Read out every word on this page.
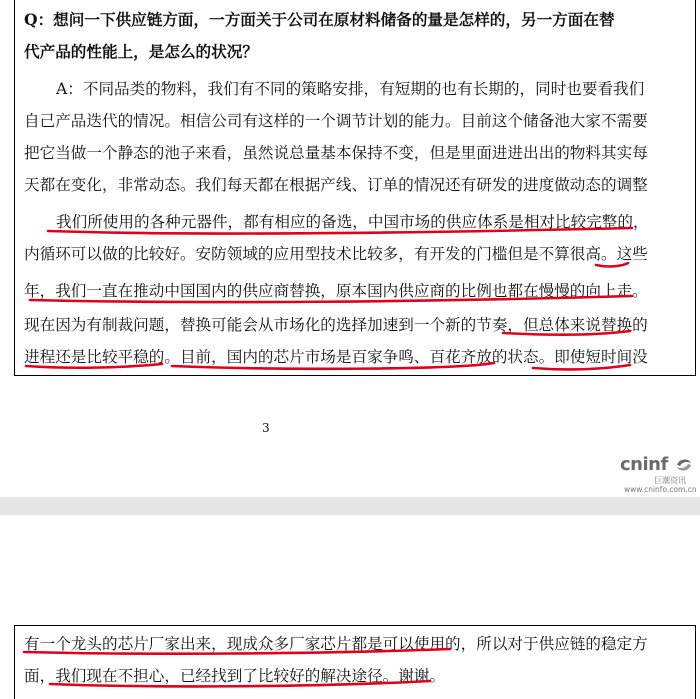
Q：想问一下供应链方面，一方面关于公司在原材料储备的量是怎样的，另一方面在替
代产品的性能上，是怎么的状况？
A：不同品类的物料，我们有不同的策略安排，有短期的也有长期的，同时也要看我们
自己产品迭代的情况。相信公司有这样的一个调节计划的能力。目前这个储备池大家不需要
把它当做一个静态的池子来看，虽然说总量基本保持不变，但是里面进进出出的物料其实每
天都在变化，非常动态。我们每天都在根据产线、订单的情况还有研发的进度做动态的调整
我们所使用的各种元器件，都有相应的备选，中国市场的供应体系是相对比较完整的，
内循环可以做的比较好。安防领域的应用型技术比较多，有开发的门槛但是不算很高。这些
年，我们一直在推动中国国内的供应商替换，原本国内供应商的比例也都在慢慢的向上走。
现在因为有制裁问题，替换可能会从市场化的选择加速到一个新的节奏，但总体来说替换的
进程还是比较平稳的。目前，国内的芯片市场是百家争鸣、百花齐放的状态。即使短时间没
3
cninf
巨潮资讯
www.cninfo.com.cn
有一个龙头的芯片厂家出来，现成众多厂家芯片都是可以使用的，所以对于供应链的稳定方
面，我们现在不担心，已经找到了比较好的解决途径。谢谢。
